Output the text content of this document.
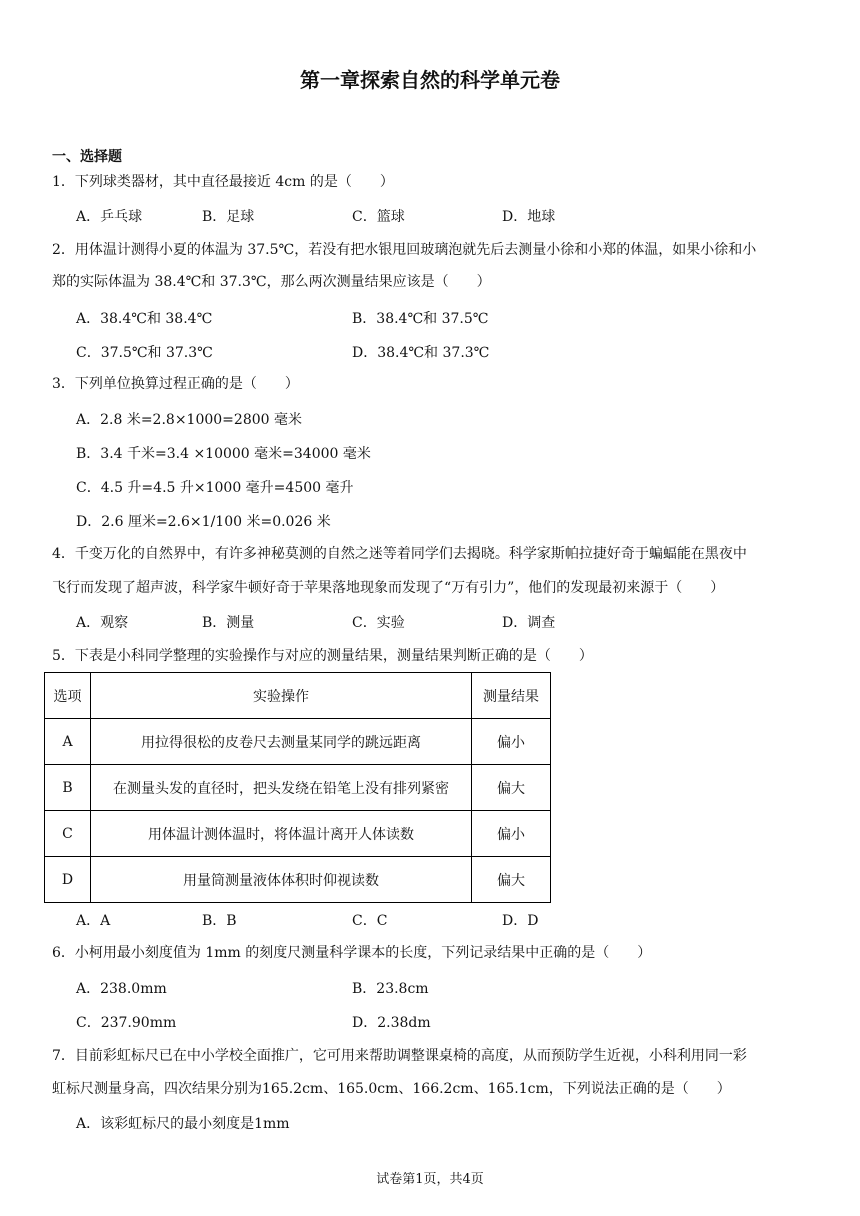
第一章探索自然的科学单元卷
一、选择题
1．下列球类器材，其中直径最接近 4cm 的是（　　）
A．乒乓球	B．足球	C．篮球	D．地球
2．用体温计测得小夏的体温为 37.5℃，若没有把水银甩回玻璃泡就先后去测量小徐和小郑的体温，如果小徐和小
郑的实际体温为 38.4℃和 37.3℃，那么两次测量结果应该是（　　）
A．38.4℃和 38.4℃	B．38.4℃和 37.5℃
C．37.5℃和 37.3℃	D．38.4℃和 37.3℃
3．下列单位换算过程正确的是（　　）
A．2.8 米=2.8×1000=2800 毫米
B．3.4 千米=3.4 ×10000 毫米=34000 毫米
C．4.5 升=4.5 升×1000 毫升=4500 毫升
D．2.6 厘米=2.6×1/100 米=0.026 米
4．千变万化的自然界中，有许多神秘莫测的自然之迷等着同学们去揭晓。科学家斯帕拉捷好奇于蝙蝠能在黑夜中
飞行而发现了超声波，科学家牛顿好奇于苹果落地现象而发现了“万有引力”，他们的发现最初来源于（　　）
A．观察	B．测量	C．实验	D．调查
5．下表是小科同学整理的实验操作与对应的测量结果，测量结果判断正确的是（　　）
选项	实验操作	测量结果
A	用拉得很松的皮卷尺去测量某同学的跳远距离	偏小
B	在测量头发的直径时，把头发绕在铅笔上没有排列紧密	偏大
C	用体温计测体温时，将体温计离开人体读数	偏小
D	用量筒测量液体体积时仰视读数	偏大
A．A	B．B	C．C	D．D
6．小柯用最小刻度值为 1mm 的刻度尺测量科学课本的长度，下列记录结果中正确的是（　　）
A．238.0mm	B．23.8cm
C．237.90mm	D．2.38dm
7．目前彩虹标尺已在中小学校全面推广，它可用来帮助调整课桌椅的高度，从而预防学生近视，小科利用同一彩
虹标尺测量身高，四次结果分别为165.2cm、165.0cm、166.2cm、165.1cm，下列说法正确的是（　　）
A．该彩虹标尺的最小刻度是1mm
试卷第1页，共4页
